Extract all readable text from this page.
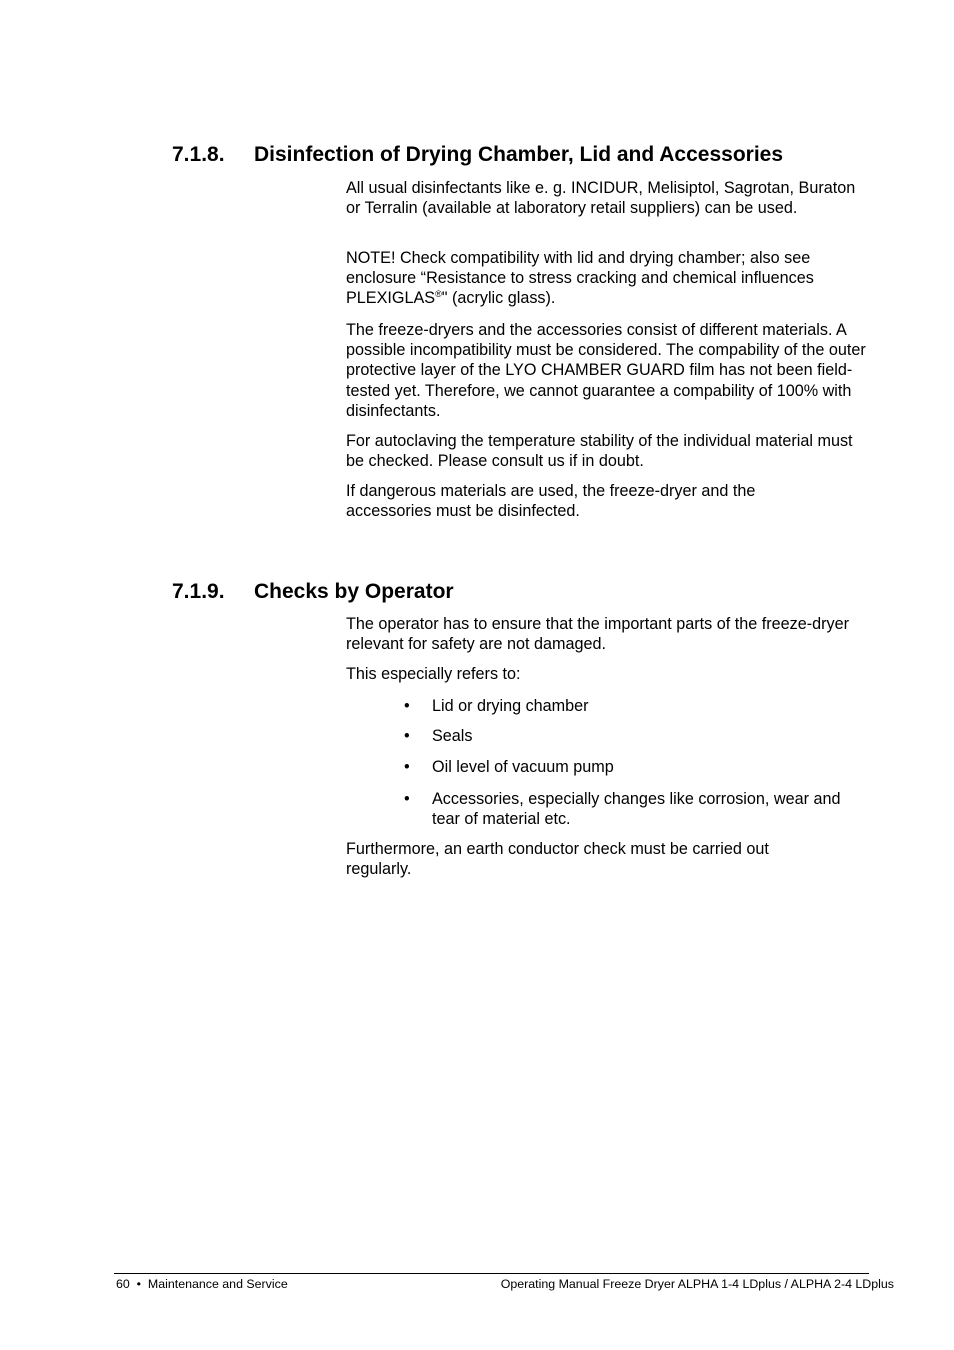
7.1.8. Disinfection of Drying Chamber, Lid and Accessories

All usual disinfectants like e. g. INCIDUR, Melisiptol, Sagrotan, Buraton or Terralin (available at laboratory retail suppliers) can be used.

NOTE! Check compatibility with lid and drying chamber; also see enclosure “Resistance to stress cracking and chemical influences PLEXIGLAS®" (acrylic glass).

The freeze-dryers and the accessories consist of different materials. A possible incompatibility must be considered. The compability of the outer protective layer of the LYO CHAMBER GUARD film has not been field-tested yet. Therefore, we cannot guarantee a compability of 100% with disinfectants.

For autoclaving the temperature stability of the individual material must be checked. Please consult us if in doubt.

If dangerous materials are used, the freeze-dryer and the accessories must be disinfected.

7.1.9. Checks by Operator

The operator has to ensure that the important parts of the freeze-dryer relevant for safety are not damaged.

This especially refers to:

• Lid or drying chamber
• Seals
• Oil level of vacuum pump
• Accessories, especially changes like corrosion, wear and tear of material etc.

Furthermore, an earth conductor check must be carried out regularly.

60  •  Maintenance and Service	Operating Manual Freeze Dryer ALPHA 1-4 LDplus / ALPHA 2-4 LDplus
